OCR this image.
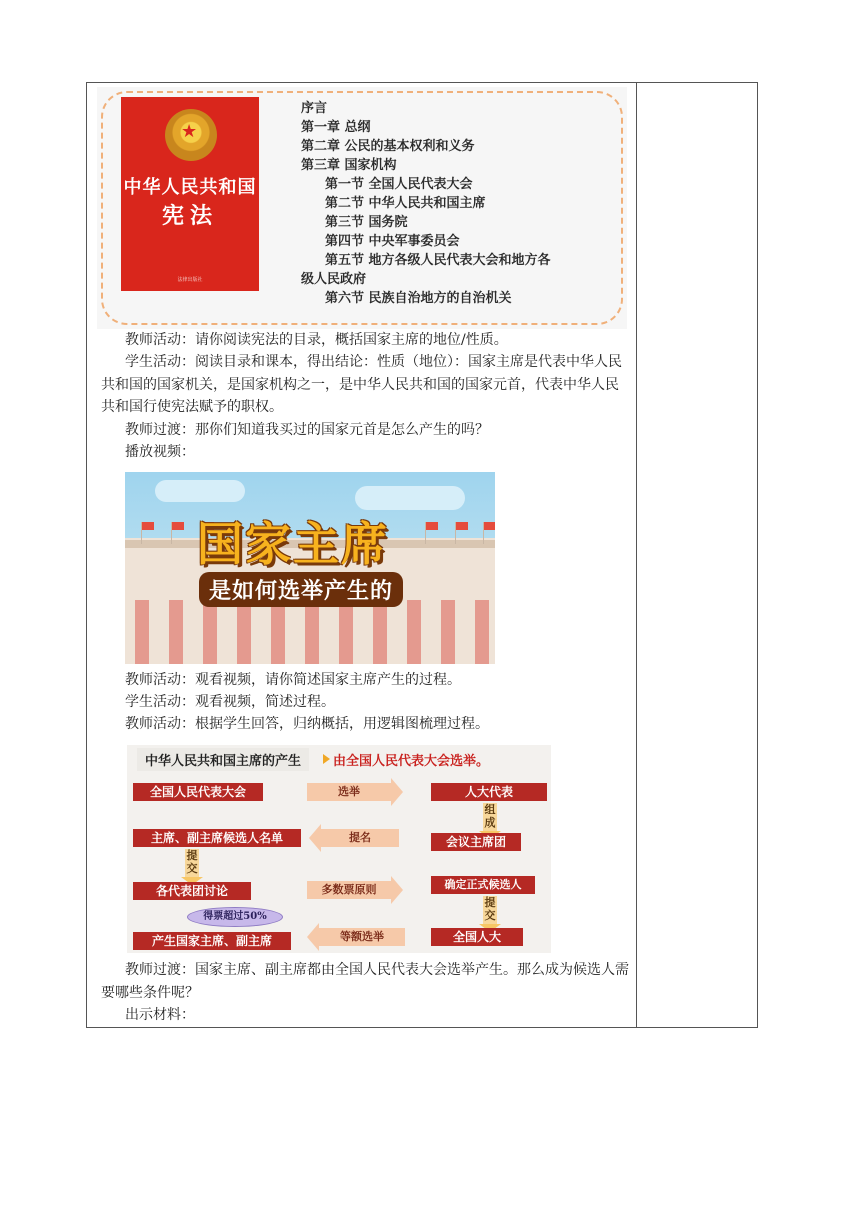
★
中华人民共和国
宪法
法律出版社
序言
第一章 总纲
第二章 公民的基本权利和义务
第三章 国家机构
第一节 全国人民代表大会
第二节 中华人民共和国主席
第三节 国务院
第四节 中央军事委员会
第五节 地方各级人民代表大会和地方各
级人民政府
第六节 民族自治地方的自治机关
教师活动：请你阅读宪法的目录，概括国家主席的地位/性质。
学生活动：阅读目录和课本，得出结论：性质（地位）：国家主席是代表中华人民共和国的国家机关，是国家机构之一，是中华人民共和国的国家元首，代表中华人民共和国行使宪法赋予的职权。
教师过渡：那你们知道我买过的国家元首是怎么产生的吗？
播放视频：
国家主席
是如何选举产生的
教师活动：观看视频，请你简述国家主席产生的过程。
学生活动：观看视频，简述过程。
教师活动：根据学生回答，归纳概括，用逻辑图梳理过程。
中华人民共和国主席的产生	由全国人民代表大会选举。
全国人民代表大会	选举	人大代表
组成
主席、副主席候选人名单	提名	会议主席团
提交
各代表团讨论	多数票原则	确定正式候选人
提交
得票超过50%
产生国家主席、副主席	等额选举	全国人大
教师过渡：国家主席、副主席都由全国人民代表大会选举产生。那么成为候选人需要哪些条件呢？
出示材料：
